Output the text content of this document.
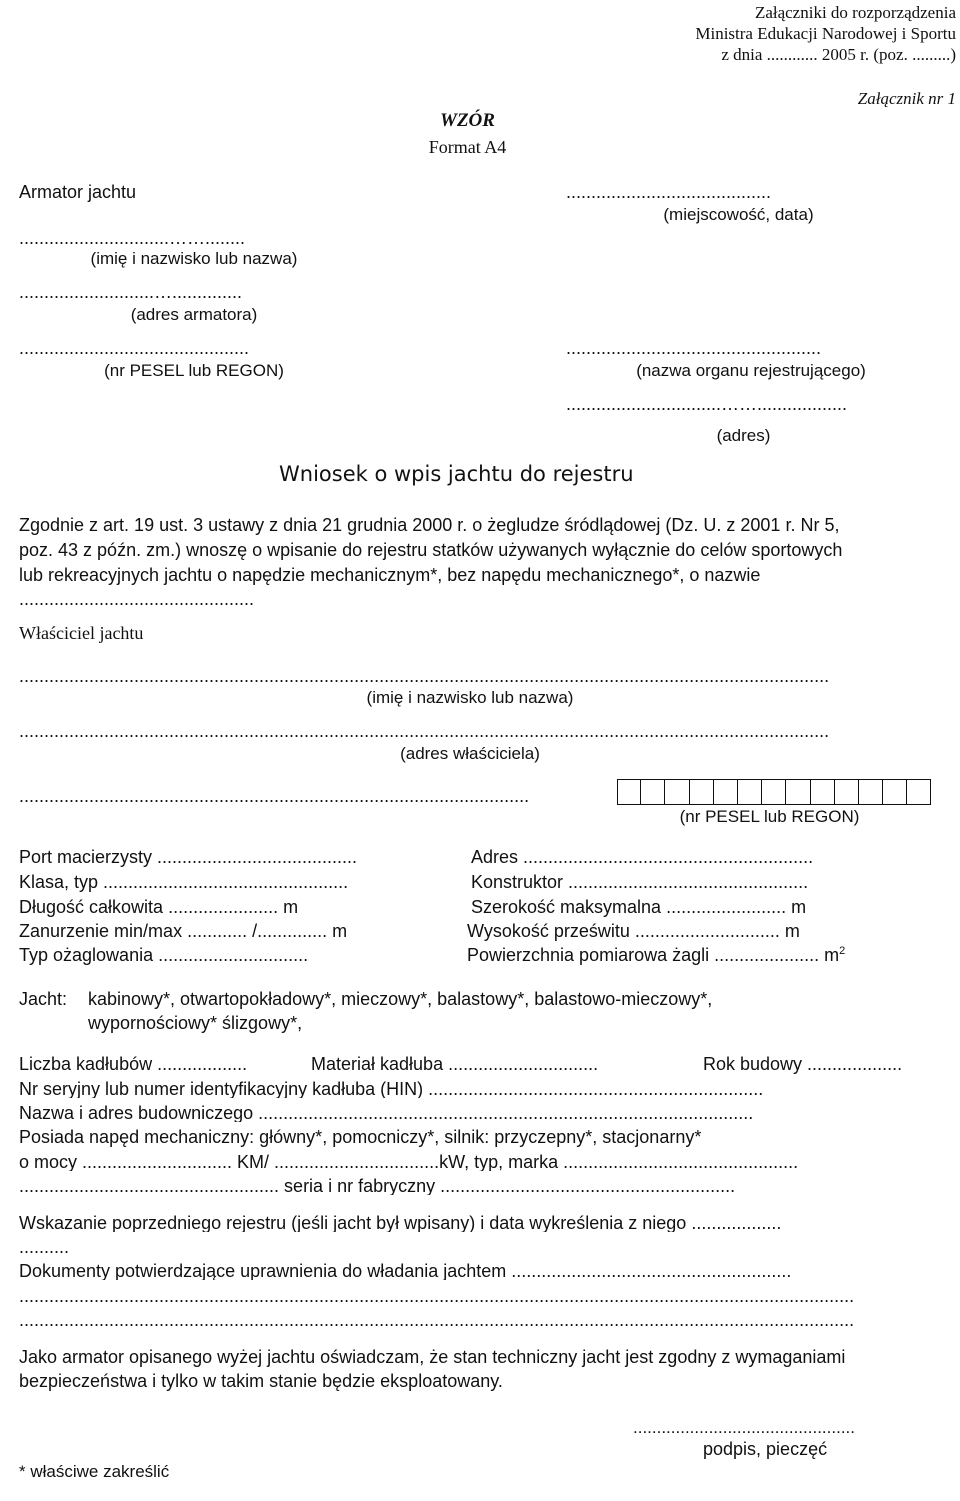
Załączniki do rozporządzenia
Ministra Edukacji Narodowej i Sportu
z dnia ............ 2005 r. (poz. .........)
Załącznik nr 1
WZÓR
Format A4
Armator jachtu
..............................……........
(imię i nazwisko lub nazwa)
...........................…..............
(adres armatora)
..............................................
(nr PESEL lub REGON)
.........................................
(miejscowość, data)
...................................................
(nazwa organu rejestrującego)
...............................……..................
(adres)
Wniosek o wpis jachtu do rejestru
Zgodnie z art. 19 ust. 3 ustawy z dnia 21 grudnia 2000 r. o żegludze śródlądowej (Dz. U. z 2001 r. Nr 5,
poz. 43 z późn. zm.) wnoszę o wpisanie do rejestru statków używanych wyłącznie do celów sportowych
lub rekreacyjnych jachtu o napędzie mechanicznym*, bez napędu mechanicznego*, o nazwie
...............................................
Właściciel jachtu
..................................................................................................................................................................
(imię i nazwisko lub nazwa)
..................................................................................................................................................................
(adres właściciela)
......................................................................................................
(nr PESEL lub REGON)
Port macierzysty ........................................	Adres ..........................................................
Klasa, typ .................................................	Konstruktor ................................................
Długość całkowita ...................... m	Szerokość maksymalna ........................ m
Zanurzenie min/max ............ /.............. m	Wysokość prześwitu ............................. m
Typ ożaglowania ..............................	Powierzchnia pomiarowa żagli ..................... $m^2$
Jacht: kabinowy*, otwartopokładowy*, mieczowy*, balastowy*, balastowo-mieczowy*,
wypornościowy* ślizgowy*,
Liczba kadłubów ..................	Materiał kadłuba ..............................	Rok budowy ...................
Nr seryjny lub numer identyfikacyjny kadłuba (HIN) ...................................................................
Nazwa i adres budowniczego ...................................................................................................
Posiada napęd mechaniczny: główny*, pomocniczy*, silnik: przyczepny*, stacjonarny*
o mocy .............................. KM/ .................................kW, typ, marka ...............................................
.................................................... seria i nr fabryczny ...........................................................
Wskazanie poprzedniego rejestru (jeśli jacht był wpisany) i data wykreślenia z niego ..................
..........
Dokumenty potwierdzające uprawnienia do władania jachtem ........................................................
.......................................................................................................................................................................
.......................................................................................................................................................................
Jako armator opisanego wyżej jachtu oświadczam, że stan techniczny jacht jest zgodny z wymaganiami
bezpieczeństwa i tylko w takim stanie będzie eksploatowany.
...............................................
podpis, pieczęć
* właściwe zakreślić
